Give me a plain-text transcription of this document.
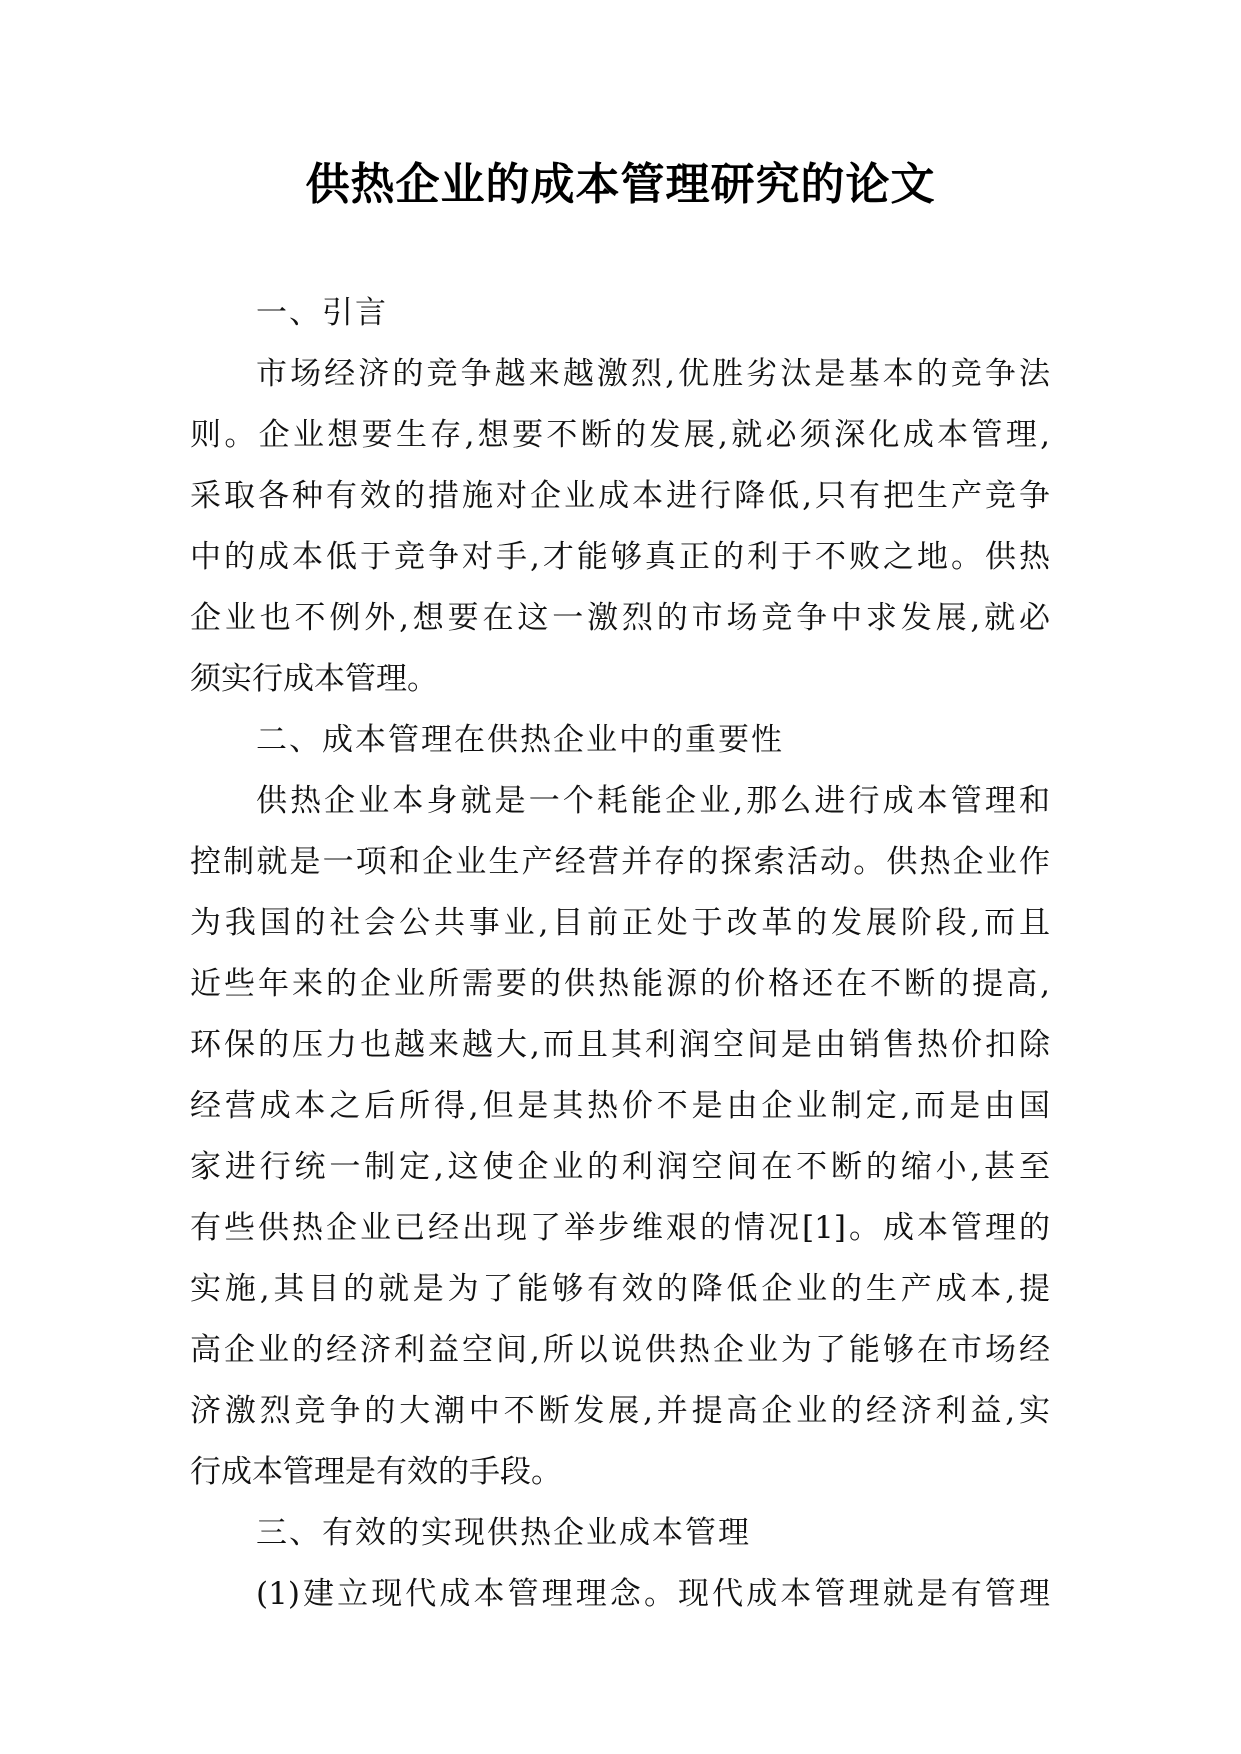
供热企业的成本管理研究的论文
一、引言
市场经济的竞争越来越激烈,优胜劣汰是基本的竞争法
则。企业想要生存,想要不断的发展,就必须深化成本管理,
采取各种有效的措施对企业成本进行降低,只有把生产竞争
中的成本低于竞争对手,才能够真正的利于不败之地。供热
企业也不例外,想要在这一激烈的市场竞争中求发展,就必
须实行成本管理。
二、成本管理在供热企业中的重要性
供热企业本身就是一个耗能企业,那么进行成本管理和
控制就是一项和企业生产经营并存的探索活动。供热企业作
为我国的社会公共事业,目前正处于改革的发展阶段,而且
近些年来的企业所需要的供热能源的价格还在不断的提高,
环保的压力也越来越大,而且其利润空间是由销售热价扣除
经营成本之后所得,但是其热价不是由企业制定,而是由国
家进行统一制定,这使企业的利润空间在不断的缩小,甚至
有些供热企业已经出现了举步维艰的情况[1]。成本管理的
实施,其目的就是为了能够有效的降低企业的生产成本,提
高企业的经济利益空间,所以说供热企业为了能够在市场经
济激烈竞争的大潮中不断发展,并提高企业的经济利益,实
行成本管理是有效的手段。
三、有效的实现供热企业成本管理
(1)建立现代成本管理理念。现代成本管理就是有管理
